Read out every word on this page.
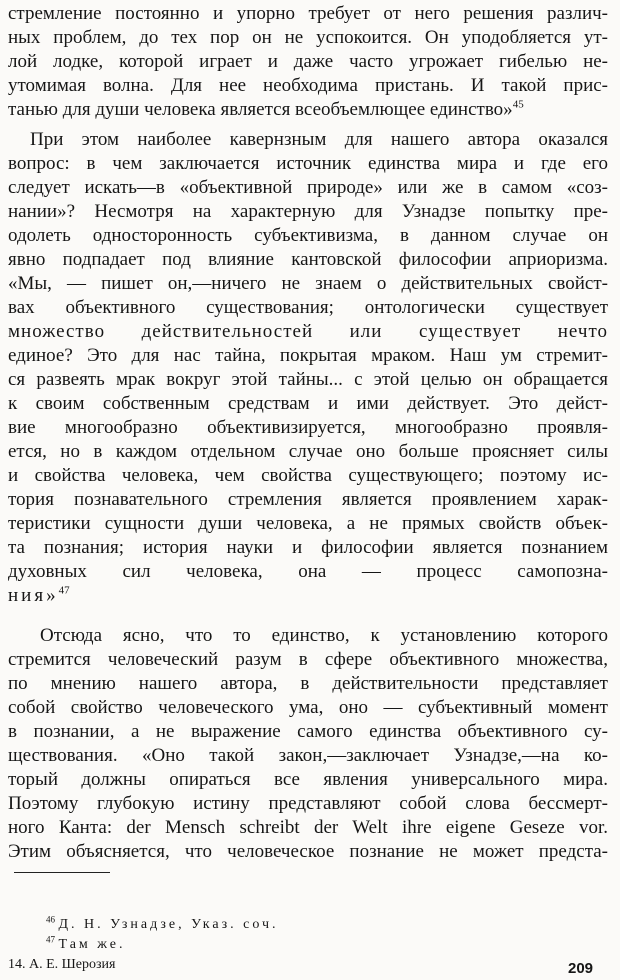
стремление постоянно и упорно требует от него решения различ-
ных проблем, до тех пор он не успокоится. Он уподобляется ут-
лой лодке, которой играет и даже часто угрожает гибелью не-
утомимая волна. Для нее необходима пристань. И такой прис-
танью для души человека является всеобъемлющее единство»$^{45}$
При этом наиболее кавернзным для нашего автора оказался
вопрос: в чем заключается источник единства мира и где его
следует искать—в «объективной природе» или же в самом «соз-
нании»? Несмотря на характерную для Узнадзе попытку пре-
одолеть односторонность субъективизма, в данном случае он
явно подпадает под влияние кантовской философии априоризма.
«Мы, — пишет он,—ничего не знаем о действительных свойст-
вах объективного существования; онтологически существует
множество действительностей или существует нечто
единое? Это для нас тайна, покрытая мраком. Наш ум стремит-
ся развеять мрак вокруг этой тайны... с этой целью он обращается
к своим собственным средствам и ими действует. Это дейст-
вие многообразно объективизируется, многообразно проявля-
ется, но в каждом отдельном случае оно больше проясняет силы
и свойства человека, чем свойства существующего; поэтому ис-
тория познавательного стремления является проявлением харак-
теристики сущности души человека, а не прямых свойств объек-
та познания; история науки и философии является познанием
духовных сил человека, она — процесс самопозна-
ния»$^{47}$
Отсюда ясно, что то единство, к установлению которого
стремится человеческий разум в сфере объективного множества,
по мнению нашего автора, в действительности представляет
собой свойство человеческого ума, оно — субъективный момент
в познании, а не выражение самого единства объективного су-
ществования. «Оно такой закон,—заключает Узнадзе,—на ко-
торый должны опираться все явления универсального мира.
Поэтому глубокую истину представляют собой слова бессмерт-
ного Канта: der Mensch schreibt der Welt ihre eigene Geseze vor.
Этим объясняется, что человеческое познание не может предста-
$^{46}$ Д. Н. Узнадзе, Указ. соч.
$^{47}$ Там же.
14. А. Е. Шерозия	209
